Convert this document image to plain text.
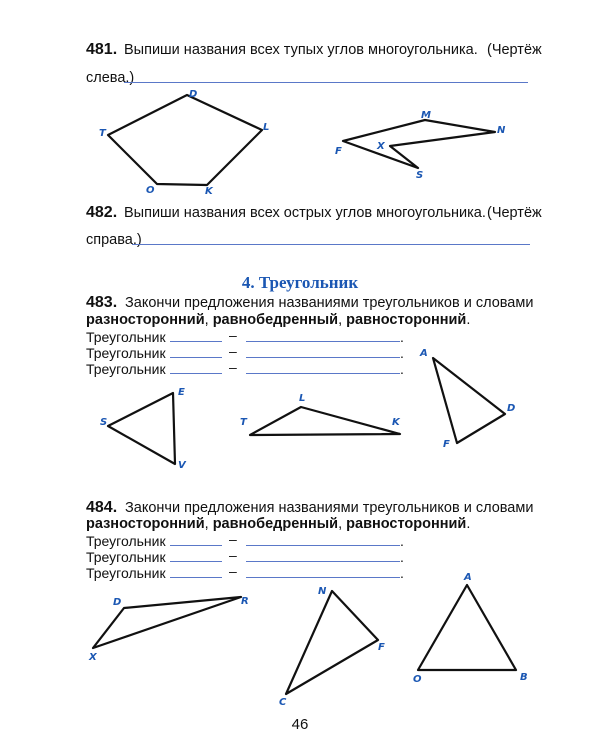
481. Выпиши названия всех тупых углов многоугольника. (Чертёж
слева.)
482. Выпиши названия всех острых углов многоугольника. (Чертёж
справа.)
4. Треугольник
483. Закончи предложения названиями треугольников и словами
разносторонний, равнобедренный, равносторонний.
Треугольник	–	.
Треугольник	–	.
Треугольник	–	.
484. Закончи предложения названиями треугольников и словами
разносторонний, равнобедренный, равносторонний.
Треугольник	–	.
Треугольник	–	.
Треугольник	–	.
D
L
K
O
T
M
N
S
X
F
S
E
V
T
L
K
A
D
F
D	R
X
N
F
C
A
O	B
46
